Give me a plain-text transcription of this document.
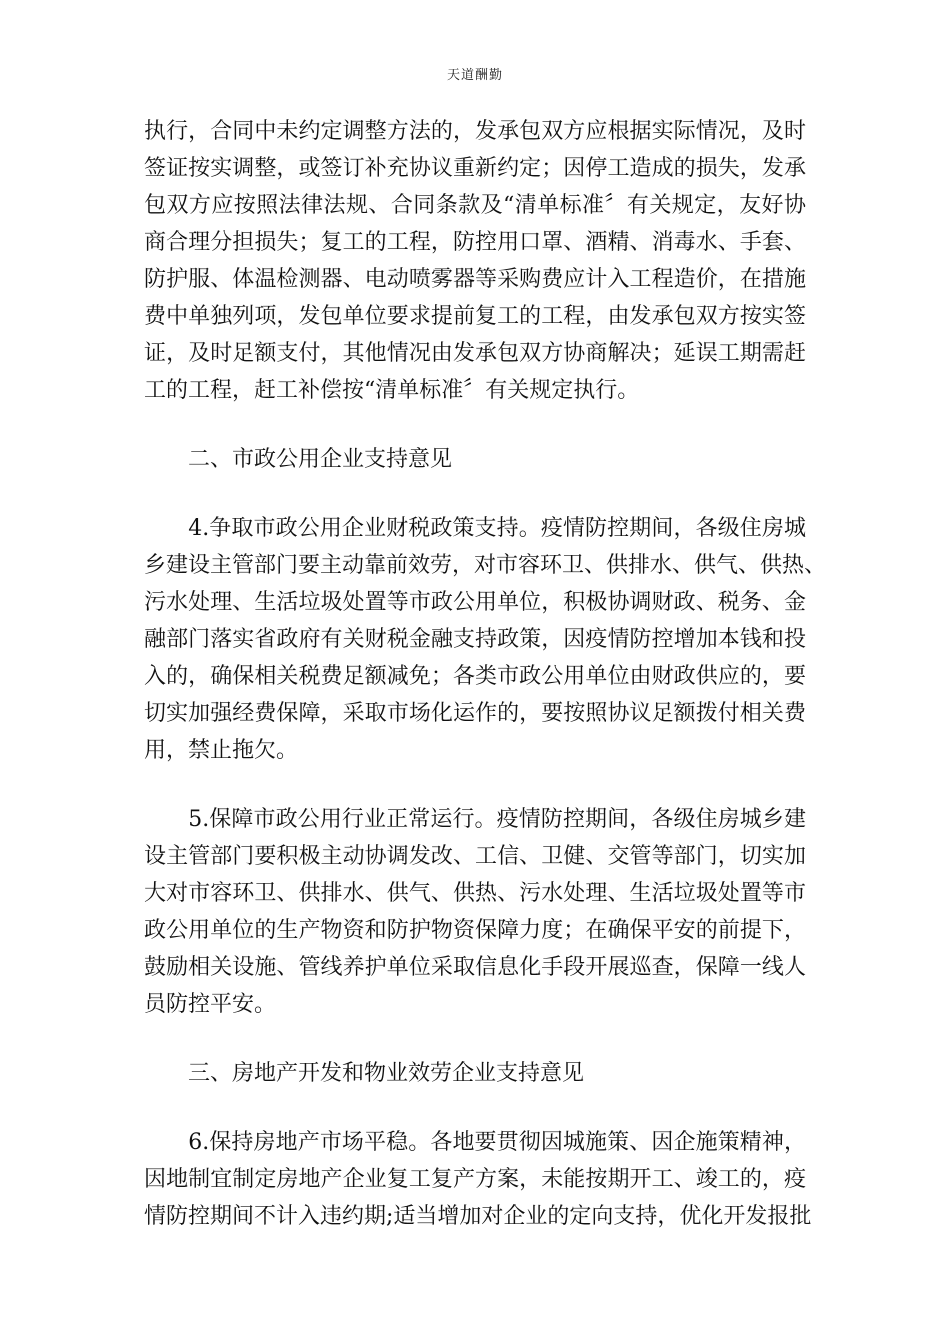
天道酬勤
执行，合同中未约定调整方法的，发承包双方应根据实际情况，及时
签证按实调整，或签订补充协议重新约定；因停工造成的损失，发承
包双方应按照法律法规、合同条款及“清单标准〞有关规定，友好协
商合理分担损失；复工的工程，防控用口罩、酒精、消毒水、手套、
防护服、体温检测器、电动喷雾器等采购费应计入工程造价，在措施
费中单独列项，发包单位要求提前复工的工程，由发承包双方按实签
证，及时足额支付，其他情况由发承包双方协商解决；延误工期需赶
工的工程，赶工补偿按“清单标准〞有关规定执行。
　　二、市政公用企业支持意见
　　4.争取市政公用企业财税政策支持。疫情防控期间，各级住房城
乡建设主管部门要主动靠前效劳，对市容环卫、供排水、供气、供热、
污水处理、生活垃圾处置等市政公用单位，积极协调财政、税务、金
融部门落实省政府有关财税金融支持政策，因疫情防控增加本钱和投
入的，确保相关税费足额减免；各类市政公用单位由财政供应的，要
切实加强经费保障，采取市场化运作的，要按照协议足额拨付相关费
用，禁止拖欠。
　　5.保障市政公用行业正常运行。疫情防控期间，各级住房城乡建
设主管部门要积极主动协调发改、工信、卫健、交管等部门，切实加
大对市容环卫、供排水、供气、供热、污水处理、生活垃圾处置等市
政公用单位的生产物资和防护物资保障力度；在确保平安的前提下，
鼓励相关设施、管线养护单位采取信息化手段开展巡查，保障一线人
员防控平安。
　　三、房地产开发和物业效劳企业支持意见
　　6.保持房地产市场平稳。各地要贯彻因城施策、因企施策精神，
因地制宜制定房地产企业复工复产方案，未能按期开工、竣工的，疫
情防控期间不计入违约期;适当增加对企业的定向支持，优化开发报批
